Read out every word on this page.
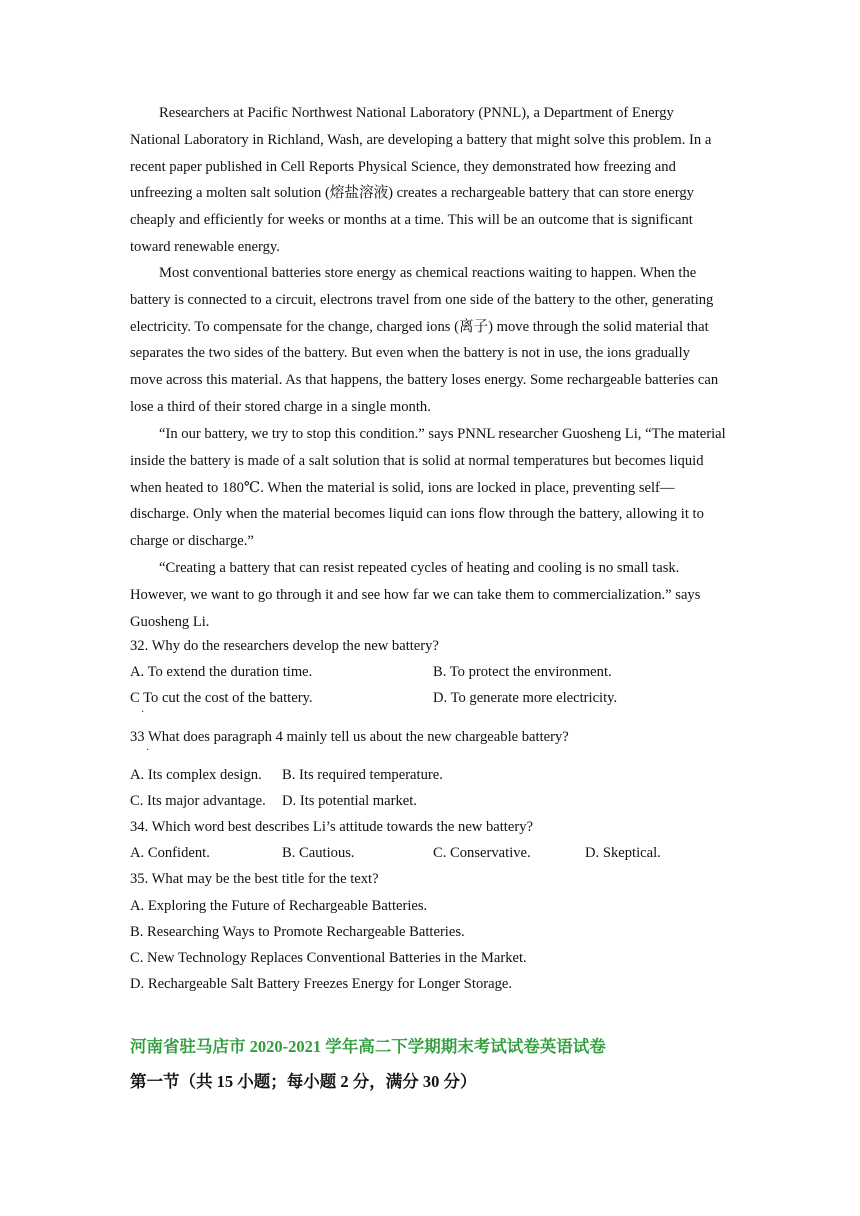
Researchers at Pacific Northwest National Laboratory (PNNL), a Department of Energy National Laboratory in Richland, Wash, are developing a battery that might solve this problem. In a recent paper published in Cell Reports Physical Science, they demonstrated how freezing and unfreezing a molten salt solution (熔盐溶液) creates a rechargeable battery that can store energy cheaply and efficiently for weeks or months at a time. This will be an outcome that is significant toward renewable energy.

Most conventional batteries store energy as chemical reactions waiting to happen. When the battery is connected to a circuit, electrons travel from one side of the battery to the other, generating electricity. To compensate for the change, charged ions (离子) move through the solid material that separates the two sides of the battery. But even when the battery is not in use, the ions gradually move across this material. As that happens, the battery loses energy. Some rechargeable batteries can lose a third of their stored charge in a single month.

“In our battery, we try to stop this condition.” says PNNL researcher Guosheng Li, “The material inside the battery is made of a salt solution that is solid at normal temperatures but becomes liquid when heated to 180℃. When the material is solid, ions are locked in place, preventing self—discharge. Only when the material becomes liquid can ions flow through the battery, allowing it to charge or discharge.”

“Creating a battery that can resist repeated cycles of heating and cooling is no small task. However, we want to go through it and see how far we can take them to commercialization.” says Guosheng Li.

32. Why do the researchers develop the new battery?
A. To extend the duration time.	B. To protect the environment.
C To cut the cost of the battery.	D. To generate more electricity.
·
33 What does paragraph 4 mainly tell us about the new chargeable battery?
·
A. Its complex design. B. Its required temperature.
C. Its major advantage. D. Its potential market.
34. Which word best describes Li’s attitude towards the new battery?
A. Confident.	B. Cautious.	C. Conservative.	D. Skeptical.
35. What may be the best title for the text?
A. Exploring the Future of Rechargeable Batteries.
B. Researching Ways to Promote Rechargeable Batteries.
C. New Technology Replaces Conventional Batteries in the Market.
D. Rechargeable Salt Battery Freezes Energy for Longer Storage.
河南省驻马店市 2020-2021 学年高二下学期期末考试试卷英语试卷
第一节（共 15 小题；每小题 2 分，满分 30 分）
